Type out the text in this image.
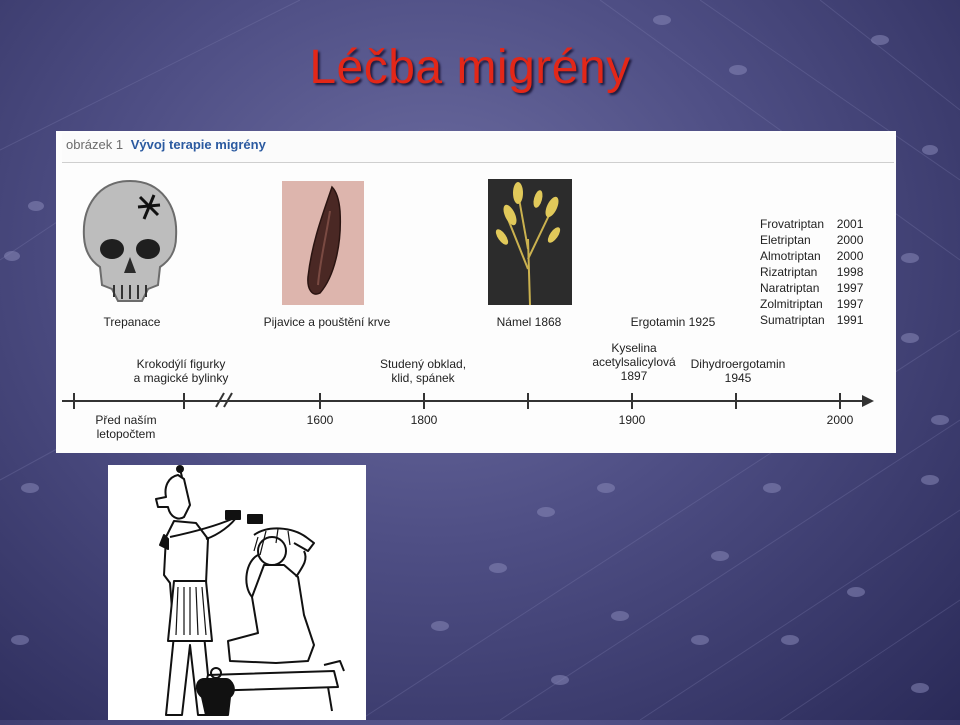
Léčba migrény
obrázek 1 Vývoj terapie migrény
Trepanace	Pijavice a pouštění krve	Námel 1868	Ergotamin 1925
Frovatriptan	2001
Eletriptan	2000
Almotriptan	2000
Rizatriptan	1998
Naratriptan	1997
Zolmitriptan	1997
Sumatriptan	1991
Krokodýlí figurky
a magické bylinky
Studený obklad,
klid, spánek
Kyselina
acetylsalicylová
1897
Dihydroergotamin
1945
Před naším
letopočtem
1600	1800	1900	2000
